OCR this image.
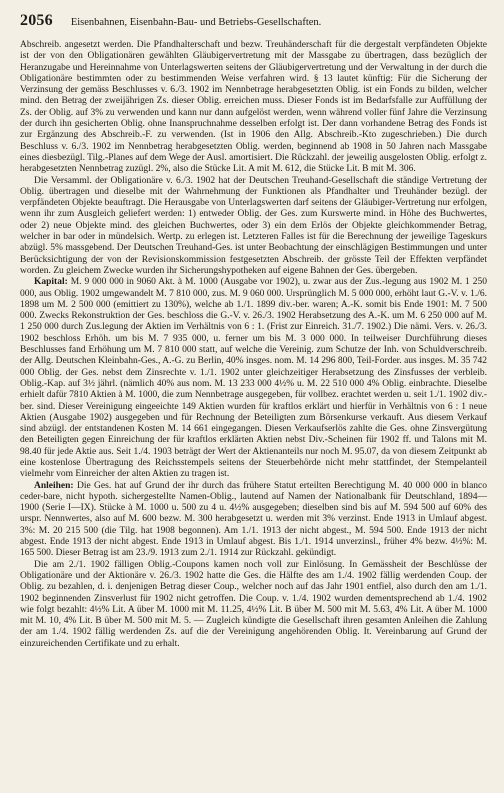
2056 Eisenbahnen, Eisenbahn-Bau- und Betriebs-Gesellschaften.

Abschreib. angesetzt werden. Die Pfandhalterschaft und bezw. Treuhänderschaft für die dergestalt verpfändeten Objekte ist der von den Obligationären gewählten Gläubigervertretung mit der Massgabe zu übertragen, dass bezüglich der Heranzugabe und Hereinnahme von Unterlagswerten seitens der Gläubigervertretung und der Verwaltung in der durch die Obligationäre bestimmten oder zu bestimmenden Weise verfahren wird. § 13 lautet künftig: Für die Sicherung der Verzinsung der gemäss Beschlusses v. 6./3. 1902 im Nennbetrage herabgesetzten Oblig. ist ein Fonds zu bilden, welcher mind. den Betrag der zweijährigen Zs. dieser Oblig. erreichen muss. Dieser Fonds ist im Bedarfsfalle zur Auffüllung der Zs. der Oblig. auf 3% zu verwenden und kann nur dann aufgelöst werden, wenn während voller fünf Jahre die Verzinsung der durch ihn gesicherten Oblig. ohne Inanspruchnahme desselben erfolgt ist. Der dann vorhandene Betrag des Fonds ist zur Ergänzung des Abschreib.-F. zu verwenden. (Ist in 1906 den Allg. Abschreib.-Kto zugeschrieben.) Die durch Beschluss v. 6./3. 1902 im Nennbetrag herabgesetzten Oblig. werden, beginnend ab 1908 in 50 Jahren nach Massgabe eines diesbezügl. Tilg.-Planes auf dem Wege der Ausl. amortisiert. Die Rückzahl. der jeweilig ausgelosten Oblig. erfolgt z. herabgesetzten Nennbetrag zuzügl. 2%, also die Stücke Lit. A mit M. 612, die Stücke Lit. B mit M. 306.

Die Versamml. der Obligationäre v. 6./3. 1902 hat der Deutschen Treuhand-Gesellschaft die ständige Vertretung der Oblig. übertragen und dieselbe mit der Wahrnehmung der Funktionen als Pfandhalter und Treuhänder bezügl. der verpfändeten Objekte beauftragt. Die Herausgabe von Unterlagswerten darf seitens der Gläubiger-Vertretung nur erfolgen, wenn ihr zum Ausgleich geliefert werden: 1) entweder Oblig. der Ges. zum Kurswerte mind. in Höhe des Buchwertes, oder 2) neue Objekte mind. des gleichen Buchwertes, oder 3) ein dem Erlös der Objekte gleichkommender Betrag, welcher in bar oder in mündelsich. Wertp. zu erlegen ist. Letzteren Falles ist für die Berechnung der jeweilige Tageskurs abzügl. 5% massgebend. Der Deutschen Treuhand-Ges. ist unter Beobachtung der einschlägigen Bestimmungen und unter Berücksichtigung der von der Revisionskommission festgesetzten Abschreib. der grösste Teil der Effekten verpfändet worden. Zu gleichem Zwecke wurden ihr Sicherungshypotheken auf eigene Bahnen der Ges. übergeben.

Kapital: M. 9 000 000 in 9060 Akt. à M. 1000 (Ausgabe vor 1902), u. zwar aus der Zus.-legung aus 1902 M. 1 250 000, aus Oblig. 1902 umgewandelt M. 7 810 000, zus. M. 9 060 000. Ursprünglich M. 5 000 000, erhöht laut G.-V. v. 1./6. 1898 um M. 2 500 000 (emittiert zu 130%), welche ab 1./1. 1899 div.-ber. waren; A.-K. somit bis Ende 1901: M. 7 500 000. Zwecks Rekonstruktion der Ges. beschloss die G.-V. v. 26./3. 1902 Herabsetzung des A.-K. um M. 6 250 000 auf M. 1 250 000 durch Zus.legung der Aktien im Verhältnis von 6 : 1. (Frist zur Einreich. 31./7. 1902.) Die nämi. Vers. v. 26./3. 1902 beschloss Erhöh. um bis M. 7 935 000, u. ferner um bis M. 3 000 000. In teilweiser Durchführung dieses Beschlusses fand Erhöhung um M. 7 810 000 statt, auf welche die Vereinig. zum Schutze der Inh. von Schuldverschreib. der Allg. Deutschen Kleinbahn-Ges., A.-G. zu Berlin, 40% insges. nom. M. 14 296 800, Teil-Forder. aus insges. M. 35 742 000 Oblig. der Ges. nebst dem Zinsrechte v. 1./1. 1902 unter gleichzeitiger Herabsetzung des Zinsfusses der verbleib. Oblig.-Kap. auf 3½ jährl. (nämlich 40% aus nom. M. 13 233 000 4½% u. M. 22 510 000 4% Oblig. einbrachte. Dieselbe erhielt dafür 7810 Aktien à M. 1000, die zum Nennbetrage ausgegeben, für vollbez. erachtet werden u. seit 1./1. 1902 div.-ber. sind. Dieser Vereinigung eingeeichte 149 Aktien wurden für kraftlos erklärt und hierfür in Verhältnis von 6 : 1 neue Aktien (Ausgabe 1902) ausgegeben und für Rechnung der Beteiligten zum Börsenkurse verkauft. Aus diesem Verkauf sind abzügl. der entstandenen Kosten M. 14 661 eingegangen. Diesen Verkaufserlös zahlte die Ges. ohne Zinsvergütung den Beteiligten gegen Einreichung der für kraftlos erklärten Aktien nebst Div.-Scheinen für 1902 ff. und Talons mit M. 98.40 für jede Aktie aus. Seit 1./4. 1903 beträgt der Wert der Aktienanteils nur noch M. 95.07, da von diesem Zeitpunkt ab eine kostenlose Übertragung des Reichsstempels seitens der Steuerbehörde nicht mehr stattfindet, der Stempelanteil vielmehr vom Einreicher der alten Aktien zu tragen ist.

Anleihen: Die Ges. hat auf Grund der ihr durch das frühere Statut erteilten Berechtigung M. 40 000 000 in blanco ceder-bare, nicht hypoth. sichergestellte Namen-Oblig., lautend auf Namen der Nationalbank für Deutschland, 1894—1900 (Serie I—IX). Stücke à M. 1000 u. 500 zu 4 u. 4½% ausgegeben; dieselben sind bis auf M. 594 500 auf 60% des urspr. Nennwertes, also auf M. 600 bezw. M. 300 herabgesetzt u. werden mit 3% verzinst. Ende 1913 in Umlauf abgest. 3%: M. 20 215 500 (die Tilg. hat 1908 begonnen). Am 1./1. 1913 der nicht abgest., M. 594 500. Ende 1913 der nicht abgest. Ende 1913 der nicht abgest. Ende 1913 in Umlauf abgest. Bis 1./1. 1914 unverzinsl., früher 4% bezw. 4½%: M. 165 500. Dieser Betrag ist am 23./9. 1913 zum 2./1. 1914 zur Rückzahl. gekündigt.

Die am 2./1. 1902 fälligen Oblig.-Coupons kamen noch voll zur Einlösung. In Gemässheit der Beschlüsse der Obligationäre und der Aktionäre v. 26./3. 1902 hatte die Ges. die Hälfte des am 1./4. 1902 fällig werdenden Coup. der Oblig. zu bezahlen, d. i. denjenigen Betrag dieser Coup., welcher noch auf das Jahr 1901 entfiel, also durch den am 1./1. 1902 beginnenden Zinsverlust für 1902 nicht getroffen. Die Coup. v. 1./4. 1902 wurden dementsprechend ab 1./4. 1902 wie folgt bezahlt: 4½% Lit. A über M. 1000 mit M. 11.25, 4½% Lit. B über M. 500 mit M. 5.63, 4% Lit. A über M. 1000 mit M. 10, 4% Lit. B über M. 500 mit M. 5. — Zugleich kündigte die Gesellschaft ihren gesamten Anleihen die Zahlung der am 1./4. 1902 fällig werdenden Zs. auf die der Vereinigung angehörenden Oblig. It. Vereinbarung auf Grund der einzureichenden Certifikate und zu erhalt.
